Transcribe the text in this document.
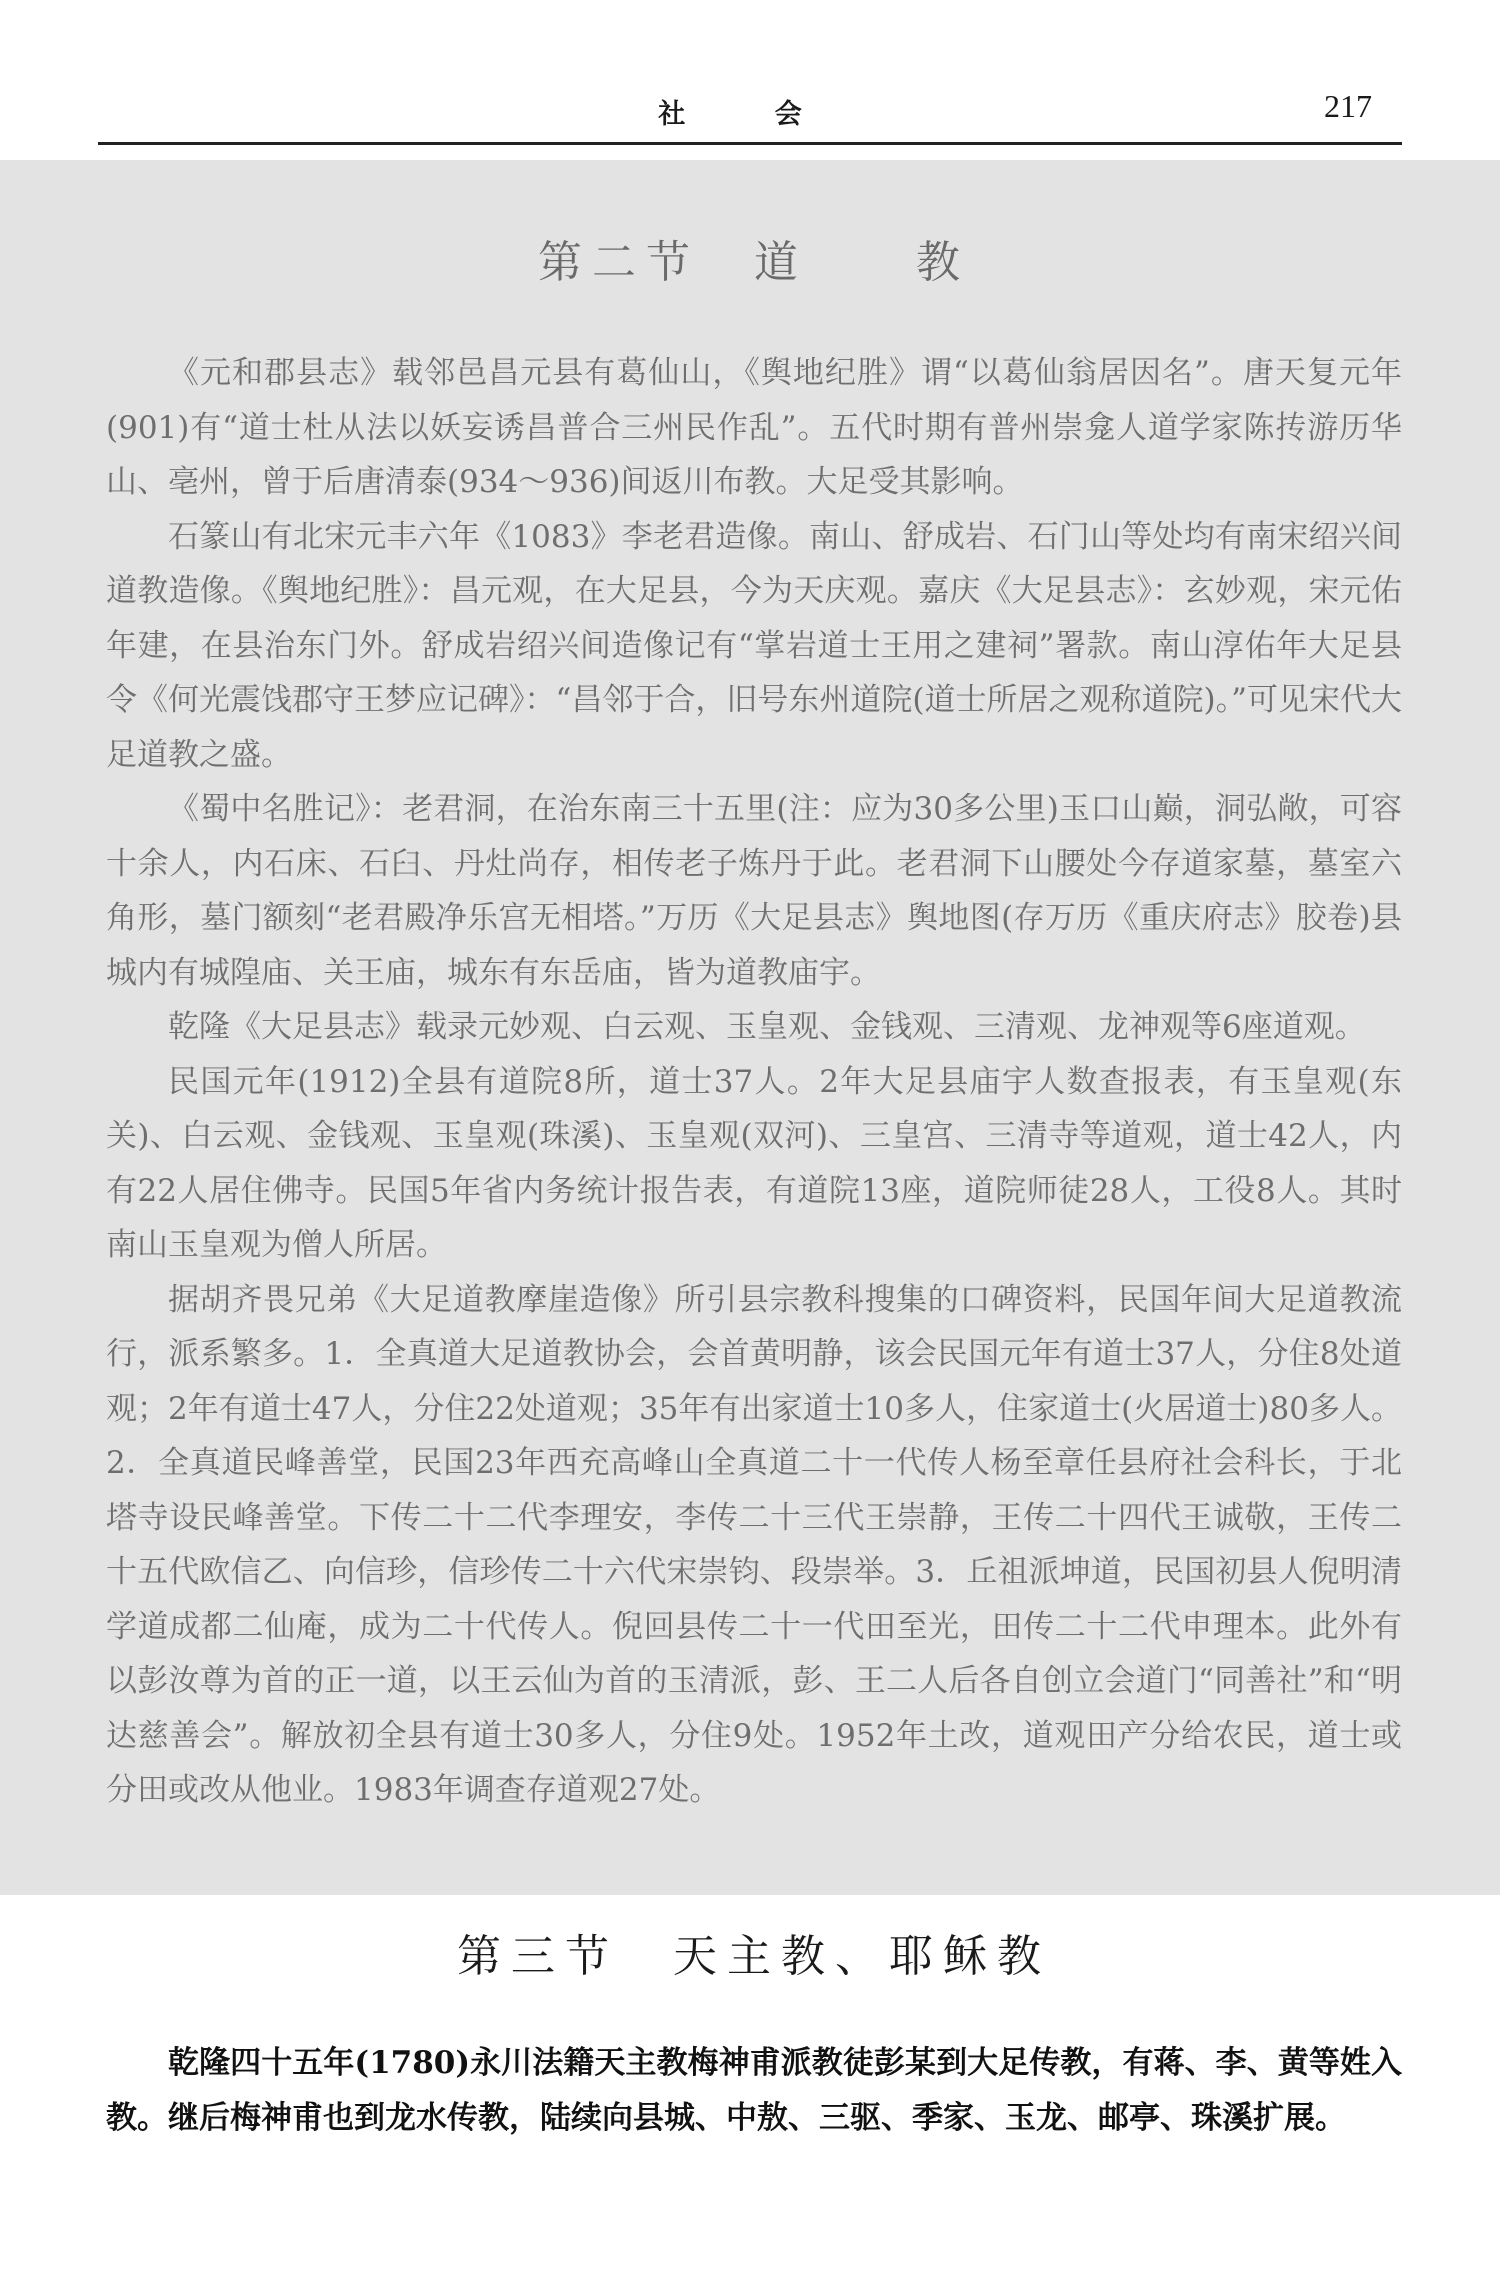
社 会	217
第二节　道　　教

《元和郡县志》载邻邑昌元县有葛仙山，《舆地纪胜》谓“以葛仙翁居因名”。唐天复元年(901)有“道士杜从法以妖妄诱昌普合三州民作乱”。五代时期有普州崇龛人道学家陈抟游历华山、亳州，曾于后唐清泰(934～936)间返川布教。大足受其影响。

石篆山有北宋元丰六年《1083》李老君造像。南山、舒成岩、石门山等处均有南宋绍兴间道教造像。《舆地纪胜》：昌元观，在大足县，今为天庆观。嘉庆《大足县志》：玄妙观，宋元佑年建，在县治东门外。舒成岩绍兴间造像记有“掌岩道士王用之建祠”署款。南山淳佑年大足县令《何光震饯郡守王梦应记碑》：“昌邻于合，旧号东州道院(道士所居之观称道院)。”可见宋代大足道教之盛。

《蜀中名胜记》：老君洞，在治东南三十五里(注：应为30多公里)玉口山巅，洞弘敞，可容十余人，内石床、石臼、丹灶尚存，相传老子炼丹于此。老君洞下山腰处今存道家墓，墓室六角形，墓门额刻“老君殿净乐宫无相塔。”万历《大足县志》舆地图(存万历《重庆府志》胶卷)县城内有城隍庙、关王庙，城东有东岳庙，皆为道教庙宇。

乾隆《大足县志》载录元妙观、白云观、玉皇观、金钱观、三清观、龙神观等6座道观。

民国元年(1912)全县有道院8所，道士37人。2年大足县庙宇人数查报表，有玉皇观(东关)、白云观、金钱观、玉皇观(珠溪)、玉皇观(双河)、三皇宫、三清寺等道观，道士42人，内有22人居住佛寺。民国5年省内务统计报告表，有道院13座，道院师徒28人，工役8人。其时南山玉皇观为僧人所居。

据胡齐畏兄弟《大足道教摩崖造像》所引县宗教科搜集的口碑资料，民国年间大足道教流行，派系繁多。1．全真道大足道教协会，会首黄明静，该会民国元年有道士37人，分住8处道观；2年有道士47人，分住22处道观；35年有出家道士10多人，住家道士(火居道士)80多人。2．全真道民峰善堂，民国23年西充高峰山全真道二十一代传人杨至章任县府社会科长，于北塔寺设民峰善堂。下传二十二代李理安，李传二十三代王崇静，王传二十四代王诚敬，王传二十五代欧信乙、向信珍，信珍传二十六代宋崇钧、段崇举。3．丘祖派坤道，民国初县人倪明清学道成都二仙庵，成为二十代传人。倪回县传二十一代田至光，田传二十二代申理本。此外有以彭汝尊为首的正一道，以王云仙为首的玉清派，彭、王二人后各自创立会道门“同善社”和“明达慈善会”。解放初全县有道士30多人，分住9处。1952年土改，道观田产分给农民，道士或分田或改从他业。1983年调查存道观27处。

第三节　天主教、耶稣教

乾隆四十五年(1780)永川法籍天主教梅神甫派教徒彭某到大足传教，有蒋、李、黄等姓入教。继后梅神甫也到龙水传教，陆续向县城、中敖、三驱、季家、玉龙、邮亭、珠溪扩展。
